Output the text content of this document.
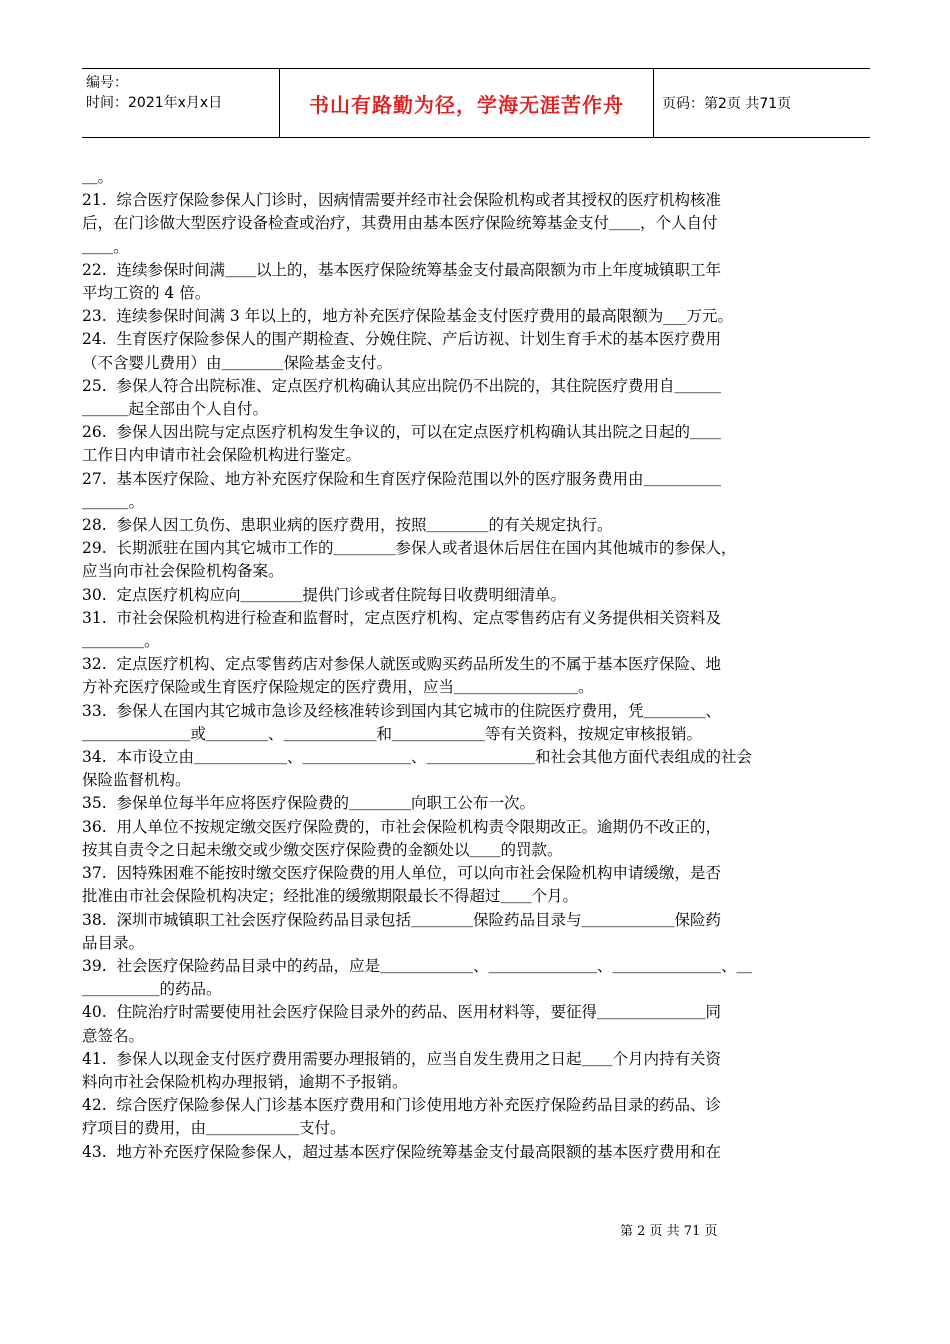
编号：
时间：2021年x月x日	书山有路勤为径，学海无涯苦作舟	页码：第2页 共71页

＿。

21.  综合医疗保险参保人门诊时，因病情需要并经市社会保险机构或者其授权的医疗机构核准

后，在门诊做大型医疗设备检查或治疗，其费用由基本医疗保险统筹基金支付＿＿，个人自付

＿＿。

22.  连续参保时间满＿＿以上的，基本医疗保险统筹基金支付最高限额为市上年度城镇职工年

平均工资的 4 倍。

23.  连续参保时间满 3 年以上的，地方补充医疗保险基金支付医疗费用的最高限额为___万元。

24.  生育医疗保险参保人的围产期检查、分娩住院、产后访视、计划生育手术的基本医疗费用

（不含婴儿费用）由＿＿＿＿保险基金支付。

25.  参保人符合出院标准、定点医疗机构确认其应出院仍不出院的，其住院医疗费用自＿＿＿

＿＿＿起全部由个人自付。

26.  参保人因出院与定点医疗机构发生争议的，可以在定点医疗机构确认其出院之日起的＿＿

工作日内申请市社会保险机构进行鉴定。

27.  基本医疗保险、地方补充医疗保险和生育医疗保险范围以外的医疗服务费用由＿＿＿＿＿

＿＿＿。

28.  参保人因工负伤、患职业病的医疗费用，按照＿＿＿＿的有关规定执行。

29.  长期派驻在国内其它城市工作的＿＿＿＿参保人或者退休后居住在国内其他城市的参保人，

应当向市社会保险机构备案。

30.  定点医疗机构应向＿＿＿＿提供门诊或者住院每日收费明细清单。

31.  市社会保险机构进行检查和监督时，定点医疗机构、定点零售药店有义务提供相关资料及

＿＿＿＿。

32.  定点医疗机构、定点零售药店对参保人就医或购买药品所发生的不属于基本医疗保险、地

方补充医疗保险或生育医疗保险规定的医疗费用，应当＿＿＿＿＿＿＿＿。

33.  参保人在国内其它城市急诊及经核准转诊到国内其它城市的住院医疗费用，凭＿＿＿＿、

＿＿＿＿＿＿＿或＿＿＿＿、＿＿＿＿＿＿和＿＿＿＿＿＿等有关资料，按规定审核报销。

34.  本市设立由＿＿＿＿＿＿、＿＿＿＿＿＿＿、＿＿＿＿＿＿＿和社会其他方面代表组成的社会

保险监督机构。

35.  参保单位每半年应将医疗保险费的＿＿＿＿向职工公布一次。

36.  用人单位不按规定缴交医疗保险费的，市社会保险机构责令限期改正。逾期仍不改正的，

按其自责令之日起未缴交或少缴交医疗保险费的金额处以＿＿的罚款。

37.  因特殊困难不能按时缴交医疗保险费的用人单位，可以向市社会保险机构申请缓缴，是否

批准由市社会保险机构决定；经批准的缓缴期限最长不得超过＿＿个月。

38.  深圳市城镇职工社会医疗保险药品目录包括＿＿＿＿保险药品目录与＿＿＿＿＿＿保险药

品目录。

39.  社会医疗保险药品目录中的药品，应是＿＿＿＿＿＿、＿＿＿＿＿＿＿、＿＿＿＿＿＿＿、＿

＿＿＿＿＿的药品。

40.  住院治疗时需要使用社会医疗保险目录外的药品、医用材料等，要征得＿＿＿＿＿＿＿同

意签名。

41.  参保人以现金支付医疗费用需要办理报销的，应当自发生费用之日起＿＿个月内持有关资

料向市社会保险机构办理报销，逾期不予报销。

42.  综合医疗保险参保人门诊基本医疗费用和门诊使用地方补充医疗保险药品目录的药品、诊

疗项目的费用，由＿＿＿＿＿＿支付。

43.  地方补充医疗保险参保人，超过基本医疗保险统筹基金支付最高限额的基本医疗费用和在

第 2 页 共 71 页
